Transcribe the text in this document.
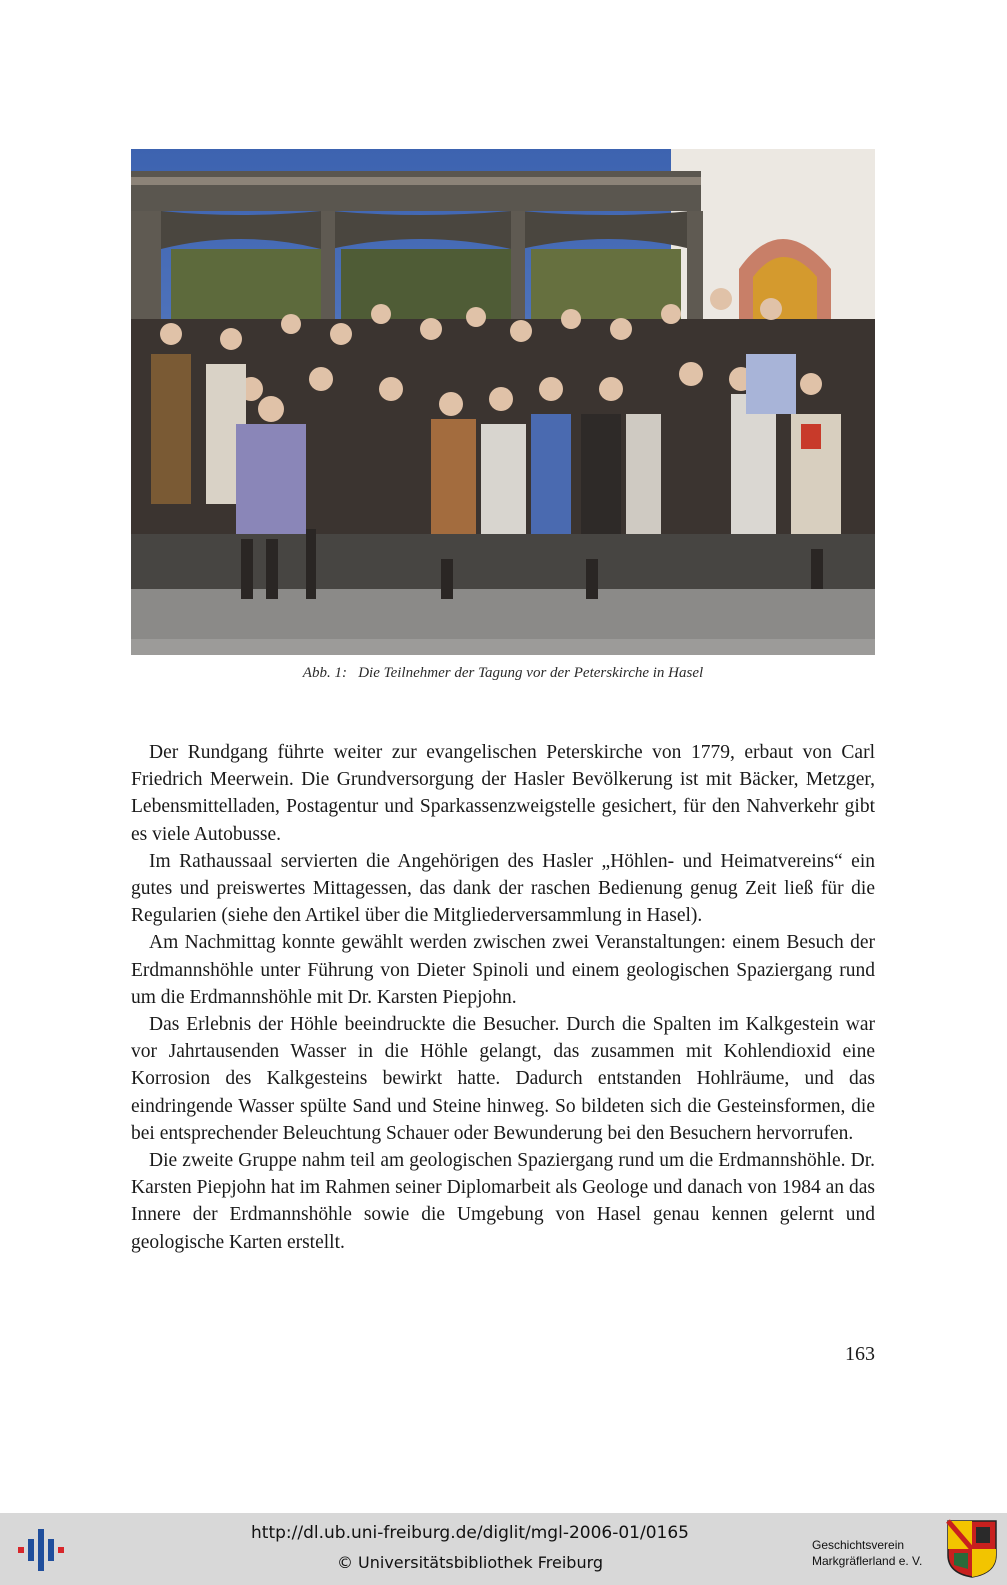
Abb. 1: Die Teilnehmer der Tagung vor der Peterskirche in Hasel

Der Rundgang führte weiter zur evangelischen Peterskirche von 1779, erbaut von Carl Friedrich Meerwein. Die Grundversorgung der Hasler Bevölkerung ist mit Bäcker, Metzger, Lebensmittelladen, Postagentur und Sparkassenzweigstelle gesichert, für den Nahverkehr gibt es viele Autobusse.

Im Rathaussaal servierten die Angehörigen des Hasler „Höhlen- und Heimatvereins“ ein gutes und preiswertes Mittagessen, das dank der raschen Bedienung genug Zeit ließ für die Regularien (siehe den Artikel über die Mitgliederversammlung in Hasel).

Am Nachmittag konnte gewählt werden zwischen zwei Veranstaltungen: einem Besuch der Erdmannshöhle unter Führung von Dieter Spinoli und einem geologischen Spaziergang rund um die Erdmannshöhle mit Dr. Karsten Piepjohn.

Das Erlebnis der Höhle beeindruckte die Besucher. Durch die Spalten im Kalkgestein war vor Jahrtausenden Wasser in die Höhle gelangt, das zusammen mit Kohlendioxid eine Korrosion des Kalkgesteins bewirkt hatte. Dadurch entstanden Hohlräume, und das eindringende Wasser spülte Sand und Steine hinweg. So bildeten sich die Gesteinsformen, die bei entsprechender Beleuchtung Schauer oder Bewunderung bei den Besuchern hervorrufen.

Die zweite Gruppe nahm teil am geologischen Spaziergang rund um die Erdmannshöhle. Dr. Karsten Piepjohn hat im Rahmen seiner Diplomarbeit als Geologe und danach von 1984 an das Innere der Erdmannshöhle sowie die Umgebung von Hasel genau kennen gelernt und geologische Karten erstellt.

163
http://dl.ub.uni-freiburg.de/diglit/mgl-2006-01/0165
© Universitätsbibliothek Freiburg
Geschichtsverein
Markgräflerland e. V.
